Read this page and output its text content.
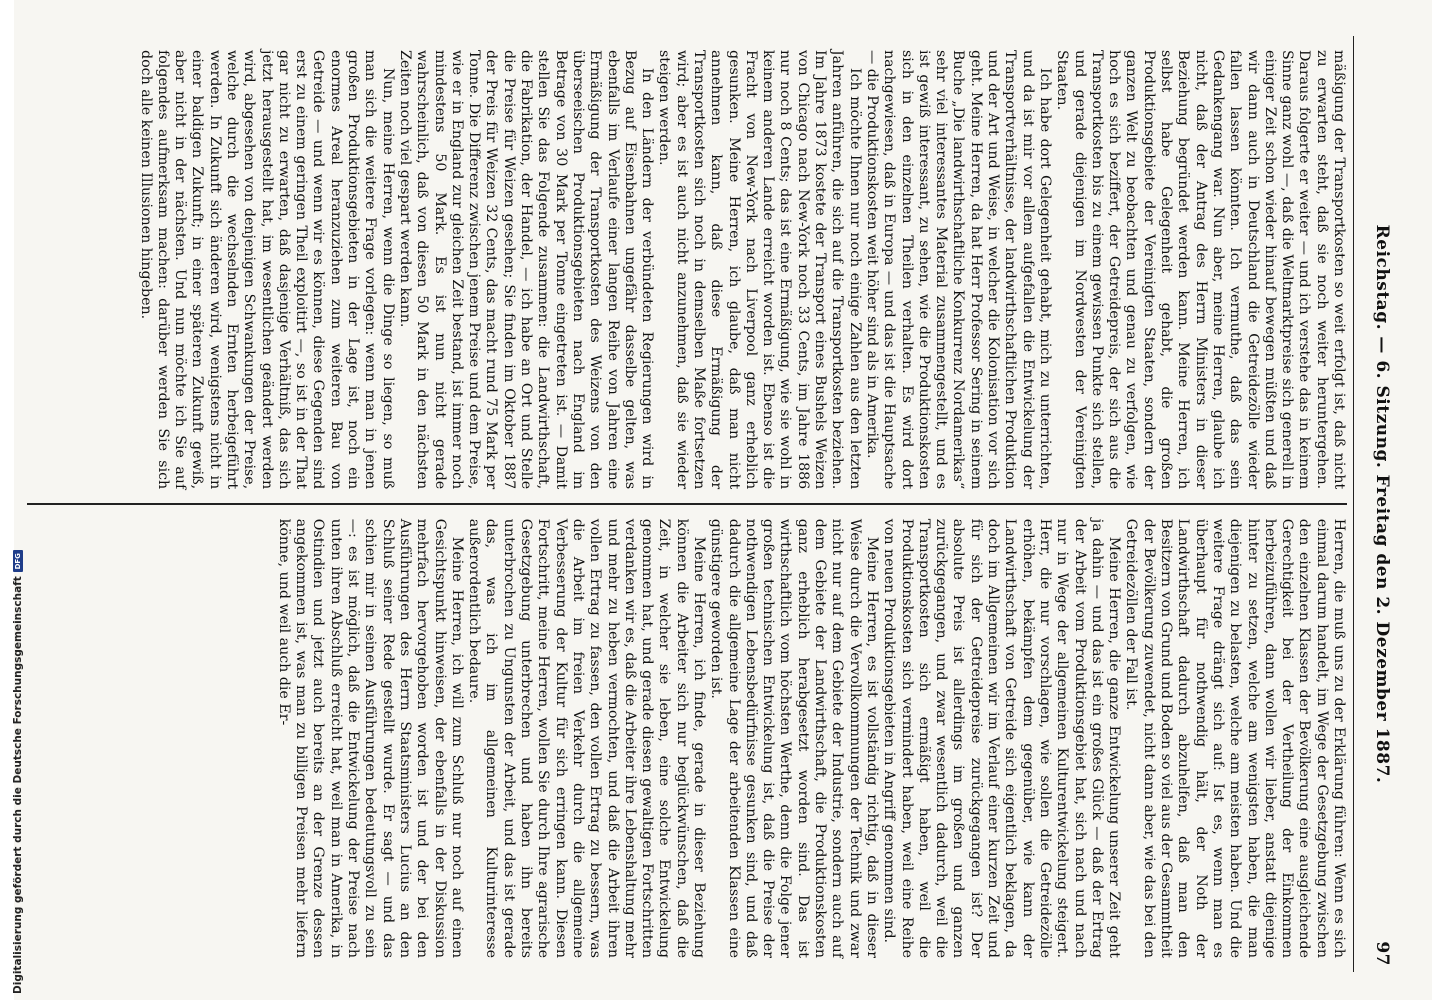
Reichstag. — 6. Sitzung. Freitag den 2. Dezember 1887.
97

mäßigung der Transportkosten so weit erfolgt ist, daß nicht zu erwarten steht, daß sie noch weiter heruntergehen. Daraus folgerte er weiter — und ich verstehe das in keinem Sinne ganz wohl —, daß die Weltmarktpreise sich generell in einiger Zeit schon wieder hinauf bewegen müßten und daß wir dann auch in Deutschland die Getreidezölle wieder fallen lassen könnten. Ich vermuthe, daß das sein Gedankengang war. Nun aber, meine Herren, glaube ich nicht, daß der Antrag des Herrn Ministers in dieser Beziehung begründet werden kann. Meine Herren, ich selbst habe Gelegenheit gehabt, die großen Produktionsgebiete der Vereinigten Staaten, sondern der ganzen Welt zu beobachten und genau zu verfolgen, wie hoch es sich beziffert, der Getreidepreis, der sich aus die Transportkosten bis zu einem gewissen Punkte sich stellen, und gerade diejenigen im Nordwesten der Vereinigten Staaten.

Ich habe dort Gelegenheit gehabt, mich zu unterrichten, und da ist mir vor allem aufgefallen die Entwickelung der Transportverhältnisse, der landwirthschaftlichen Produktion und der Art und Weise, in welcher die Kolonisation vor sich geht. Meine Herren, da hat Herr Professor Sering in seinem Buche „Die landwirthschaftliche Konkurrenz Nordamerikas“ sehr viel interessantes Material zusammengestellt, und es ist gewiß interessant, zu sehen, wie die Produktionskosten sich in den einzelnen Theilen verhalten. Es wird dort nachgewiesen, daß in Europa — und das ist die Hauptsache — die Produktionskosten weit höher sind als in Amerika.

Ich möchte Ihnen nur noch einige Zahlen aus den letzten Jahren anführen, die sich auf die Transportkosten beziehen. Im Jahre 1873 kostete der Transport eines Bushels Weizen von Chicago nach New-York noch 33 Cents, im Jahre 1886 nur noch 8 Cents; das ist eine Ermäßigung, wie sie wohl in keinem anderen Lande erreicht worden ist. Ebenso ist die Fracht von New-York nach Liverpool ganz erheblich gesunken. Meine Herren, ich glaube, daß man nicht annehmen kann, daß diese Ermäßigung der Transportkosten sich noch in demselben Maße fortsetzen wird; aber es ist auch nicht anzunehmen, daß sie wieder steigen werden.

In den Ländern der verbündeten Regierungen wird in Bezug auf Eisenbahnen ungefähr dasselbe gelten, was ebenfalls im Verlaufe einer langen Reihe von Jahren eine Ermäßigung der Transportkosten des Weizens von den überseeischen Produktionsgebieten nach England im Betrage von 30 Mark per Tonne eingetreten ist. — Damit stellen Sie das Folgende zusammen: die Landwirthschaft, die Fabrikation, der Handel, — ich habe an Ort und Stelle die Preise für Weizen gesehen; Sie finden im Oktober 1887 der Preis für Weizen 32 Cents, das macht rund 75 Mark per Tonne. Die Differenz zwischen jenem Preise und dem Preise, wie er in England zur gleichen Zeit bestand, ist immer noch mindestens 50 Mark. Es ist nun nicht gerade wahrscheinlich, daß von diesen 50 Mark in den nächsten Zeiten noch viel gespart werden kann.

Nun, meine Herren, wenn die Dinge so liegen, so muß man sich die weitere Frage vorlegen: wenn man in jenen großen Produktionsgebieten in der Lage ist, noch ein enormes Areal heranzuziehen zum weiteren Bau von Getreide — und wenn wir es können, diese Gegenden sind erst zu einem geringen Theil exploitirt —, so ist in der That gar nicht zu erwarten, daß dasjenige Verhältniß, das sich jetzt herausgestellt hat, im wesentlichen geändert werden wird, abgesehen von denjenigen Schwankungen der Preise, welche durch die wechselnden Ernten herbeigeführt werden. In Zukunft sich änderen wird, wenigstens nicht in einer baldigen Zukunft; in einer späteren Zukunft gewiß, aber nicht in der nächsten. Und nun möchte ich Sie auf folgendes aufmerksam machen: darüber werden Sie sich doch alle keinen Illusionen hingeben.

Herren, die muß uns zu der Erklärung führen: Wenn es sich einmal darum handelt, im Wege der Gesetzgebung zwischen den einzelnen Klassen der Bevölkerung eine ausgleichende Gerechtigkeit bei der Vertheilung der Einkommen herbeizuführen, dann wollen wir lieber, anstatt diejenige hinter zu setzen, welche am wenigsten haben, die man diejenigen zu belasten, welche am meisten haben. Und die weitere Frage drängt sich auf: Ist es, wenn man es überhaupt für nothwendig hält, der Noth der Landwirthschaft dadurch abzuhelfen, daß man den Besitzern von Grund und Boden so viel aus der Gesammtheit der Bevölkerung zuwendet, nicht dann aber, wie das bei den Getreidezöllen der Fall ist.

Meine Herren, die ganze Entwickelung unserer Zeit geht ja dahin — und das ist ein großes Glück — daß der Ertrag der Arbeit vom Produktionsgebiet hat, sich nach und nach nur in Wege der allgemeinen Kulturentwickelung steigert. Herr, die nur vorschlagen, wie sollen die Getreidezölle erhöhen, bekämpfen dem gegenüber, wie kann der Landwirthschaft von Getreide sich eigentlich beklagen, da doch im Allgemeinen wir im Verlauf einer kurzen Zeit und für sich der Getreidepreise zurückgegangen ist? Der absolute Preis ist allerdings im großen und ganzen zurückgegangen, und zwar wesentlich dadurch, weil die Transportkosten sich ermäßigt haben, weil die Produktionskosten sich vermindert haben, weil eine Reihe von neuen Produktionsgebieten in Angriff genommen sind.

Meine Herren, es ist vollständig richtig, daß in dieser Weise durch die Vervollkommnungen der Technik und zwar nicht nur auf dem Gebiete der Industrie, sondern auch auf dem Gebiete der Landwirthschaft, die Produktionskosten ganz erheblich herabgesetzt worden sind. Das ist wirthschaftlich vom höchsten Werthe, denn die Folge jener großen technischen Entwickelung ist, daß die Preise der nothwendigen Lebensbedürfnisse gesunken sind, und daß dadurch die allgemeine Lage der arbeitenden Klassen eine günstigere geworden ist.

Meine Herren, ich finde, gerade in dieser Beziehung können die Arbeiter sich nur beglückwünschen, daß die Zeit, in welcher sie leben, eine solche Entwickelung genommen hat, und gerade diesen gewaltigen Fortschritten verdanken wir es, daß die Arbeiter ihre Lebenshaltung mehr und mehr zu heben vermochten, und daß die Arbeit ihren vollen Ertrag zu fassen, den vollen Ertrag zu bessern, was die Arbeit im freien Verkehr durch die allgemeine Verbesserung der Kultur für sich erringen kann. Diesen Fortschritt, meine Herren, wollen Sie durch Ihre agrarische Gesetzgebung unterbrechen und haben ihn bereits unterbrochen zu Ungunsten der Arbeit, und das ist gerade das, was ich im allgemeinen Kulturinteresse außerordentlich bedaure.

Meine Herren, ich will zum Schluß nur noch auf einen Gesichtspunkt hinweisen, der ebenfalls in der Diskussion mehrfach hervorgehoben worden ist und der bei den Ausführungen des Herrn Staatsministers Lucius an den Schluß seiner Rede gestellt wurde. Er sagt — und das schien mir in seinen Ausführungen bedeutungsvoll zu sein —: es ist möglich, daß die Entwickelung der Preise nach unten ihren Abschluß erreicht hat, weil man in Amerika, in Ostindien und jetzt auch bereits an der Grenze dessen angekommen ist, was man zu billigen Preisen mehr liefern könne, und weil auch die Er-

Digitalisierung gefördert durch die Deutsche Forschungsgemeinschaft
DFG
